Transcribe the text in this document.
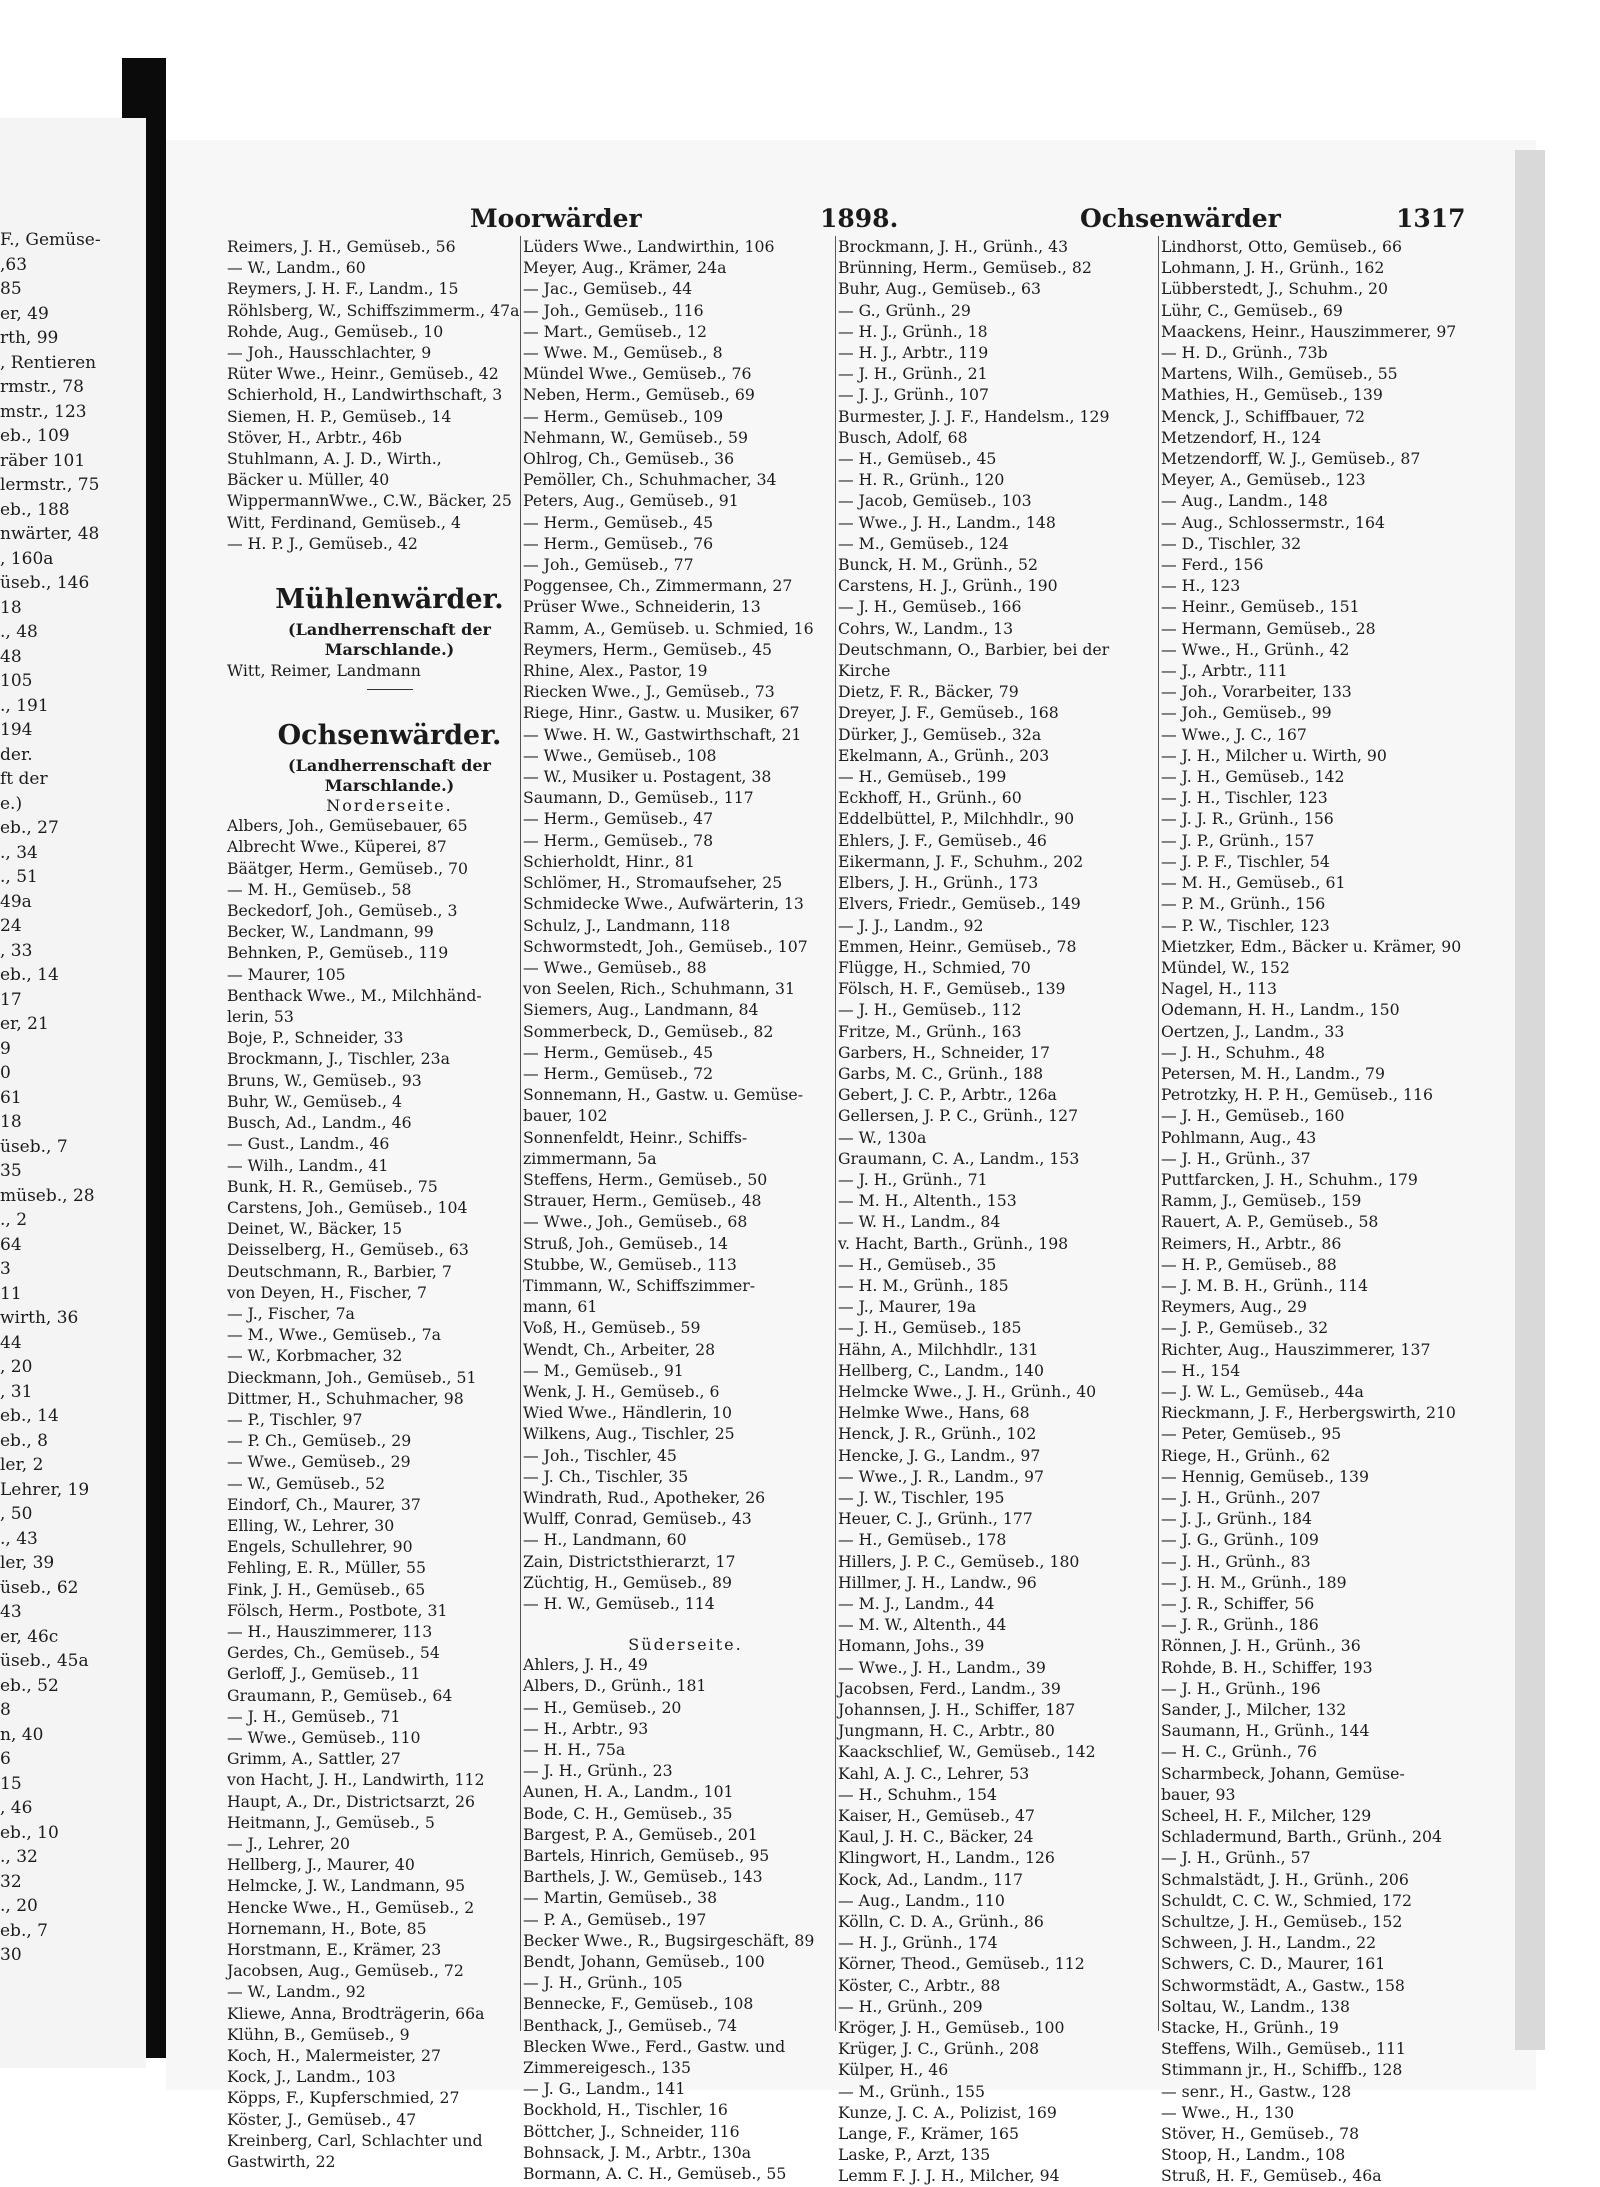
F., Gemüse-
,63
85
er, 49
rth, 99
, Rentieren
rmstr., 78
mstr., 123
eb., 109
räber 101
lermstr., 75
eb., 188
nwärter, 48
, 160a
üseb., 146
18
., 48
48
105
., 191
194
der.
ft der
e.)
eb., 27
., 34
., 51
49a
24
, 33
eb., 14
17
er, 21
9
0
61
18
üseb., 7
35
müseb., 28
., 2
64
3
11
wirth, 36
44
, 20
, 31
eb., 14
eb., 8
ler, 2
Lehrer, 19
, 50
., 43
ler, 39
üseb., 62
43
er, 46c
üseb., 45a
eb., 52
8
n, 40
6
15
, 46
eb., 10
., 32
32
., 20
eb., 7
30
Moorwärder	1898.	Ochsenwärder	1317
Reimers, J. H., Gemüseb., 56
— W., Landm., 60
Reymers, J. H. F., Landm., 15
Röhlsberg, W., Schiffszimmerm., 47a
Rohde, Aug., Gemüseb., 10
— Joh., Hausschlachter, 9
Rüter Wwe., Heinr., Gemüseb., 42
Schierhold, H., Landwirthschaft, 3
Siemen, H. P., Gemüseb., 14
Stöver, H., Arbtr., 46b
Stuhlmann, A. J. D., Wirth.,
Bäcker u. Müller, 40
WippermannWwe., C.W., Bäcker, 25
Witt, Ferdinand, Gemüseb., 4
— H. P. J., Gemüseb., 42
Mühlenwärder.
(Landherrenschaft der
Marschlande.)
Witt, Reimer, Landmann
Ochsenwärder.
(Landherrenschaft der
Marschlande.)
Norderseite.
Albers, Joh., Gemüsebauer, 65
Albrecht Wwe., Küperei, 87
Bäätger, Herm., Gemüseb., 70
— M. H., Gemüseb., 58
Beckedorf, Joh., Gemüseb., 3
Becker, W., Landmann, 99
Behnken, P., Gemüseb., 119
— Maurer, 105
Benthack Wwe., M., Milchhänd-
lerin, 53
Boje, P., Schneider, 33
Brockmann, J., Tischler, 23a
Bruns, W., Gemüseb., 93
Buhr, W., Gemüseb., 4
Busch, Ad., Landm., 46
— Gust., Landm., 46
— Wilh., Landm., 41
Bunk, H. R., Gemüseb., 75
Carstens, Joh., Gemüseb., 104
Deinet, W., Bäcker, 15
Deisselberg, H., Gemüseb., 63
Deutschmann, R., Barbier, 7
von Deyen, H., Fischer, 7
— J., Fischer, 7a
— M., Wwe., Gemüseb., 7a
— W., Korbmacher, 32
Dieckmann, Joh., Gemüseb., 51
Dittmer, H., Schuhmacher, 98
— P., Tischler, 97
— P. Ch., Gemüseb., 29
— Wwe., Gemüseb., 29
— W., Gemüseb., 52
Eindorf, Ch., Maurer, 37
Elling, W., Lehrer, 30
Engels, Schullehrer, 90
Fehling, E. R., Müller, 55
Fink, J. H., Gemüseb., 65
Fölsch, Herm., Postbote, 31
— H., Hauszimmerer, 113
Gerdes, Ch., Gemüseb., 54
Gerloff, J., Gemüseb., 11
Graumann, P., Gemüseb., 64
— J. H., Gemüseb., 71
— Wwe., Gemüseb., 110
Grimm, A., Sattler, 27
von Hacht, J. H., Landwirth, 112
Haupt, A., Dr., Districtsarzt, 26
Heitmann, J., Gemüseb., 5
— J., Lehrer, 20
Hellberg, J., Maurer, 40
Helmcke, J. W., Landmann, 95
Hencke Wwe., H., Gemüseb., 2
Hornemann, H., Bote, 85
Horstmann, E., Krämer, 23
Jacobsen, Aug., Gemüseb., 72
— W., Landm., 92
Kliewe, Anna, Brodträgerin, 66a
Klühn, B., Gemüseb., 9
Koch, H., Malermeister, 27
Kock, J., Landm., 103
Köpps, F., Kupferschmied, 27
Köster, J., Gemüseb., 47
Kreinberg, Carl, Schlachter und
Gastwirth, 22
Lüders Wwe., Landwirthin, 106
Meyer, Aug., Krämer, 24a
— Jac., Gemüseb., 44
— Joh., Gemüseb., 116
— Mart., Gemüseb., 12
— Wwe. M., Gemüseb., 8
Mündel Wwe., Gemüseb., 76
Neben, Herm., Gemüseb., 69
— Herm., Gemüseb., 109
Nehmann, W., Gemüseb., 59
Ohlrog, Ch., Gemüseb., 36
Pemöller, Ch., Schuhmacher, 34
Peters, Aug., Gemüseb., 91
— Herm., Gemüseb., 45
— Herm., Gemüseb., 76
— Joh., Gemüseb., 77
Poggensee, Ch., Zimmermann, 27
Prüser Wwe., Schneiderin, 13
Ramm, A., Gemüseb. u. Schmied, 16
Reymers, Herm., Gemüseb., 45
Rhine, Alex., Pastor, 19
Riecken Wwe., J., Gemüseb., 73
Riege, Hinr., Gastw. u. Musiker, 67
— Wwe. H. W., Gastwirthschaft, 21
— Wwe., Gemüseb., 108
— W., Musiker u. Postagent, 38
Saumann, D., Gemüseb., 117
— Herm., Gemüseb., 47
— Herm., Gemüseb., 78
Schierholdt, Hinr., 81
Schlömer, H., Stromaufseher, 25
Schmidecke Wwe., Aufwärterin, 13
Schulz, J., Landmann, 118
Schwormstedt, Joh., Gemüseb., 107
— Wwe., Gemüseb., 88
von Seelen, Rich., Schuhmann, 31
Siemers, Aug., Landmann, 84
Sommerbeck, D., Gemüseb., 82
— Herm., Gemüseb., 45
— Herm., Gemüseb., 72
Sonnemann, H., Gastw. u. Gemüse-
bauer, 102
Sonnenfeldt, Heinr., Schiffs-
zimmermann, 5a
Steffens, Herm., Gemüseb., 50
Strauer, Herm., Gemüseb., 48
— Wwe., Joh., Gemüseb., 68
Struß, Joh., Gemüseb., 14
Stubbe, W., Gemüseb., 113
Timmann, W., Schiffszimmer-
mann, 61
Voß, H., Gemüseb., 59
Wendt, Ch., Arbeiter, 28
— M., Gemüseb., 91
Wenk, J. H., Gemüseb., 6
Wied Wwe., Händlerin, 10
Wilkens, Aug., Tischler, 25
— Joh., Tischler, 45
— J. Ch., Tischler, 35
Windrath, Rud., Apotheker, 26
Wulff, Conrad, Gemüseb., 43
— H., Landmann, 60
Zain, Districtsthierarzt, 17
Züchtig, H., Gemüseb., 89
— H. W., Gemüseb., 114
Süderseite.
Ahlers, J. H., 49
Albers, D., Grünh., 181
— H., Gemüseb., 20
— H., Arbtr., 93
— H. H., 75a
— J. H., Grünh., 23
Aunen, H. A., Landm., 101
Bode, C. H., Gemüseb., 35
Bargest, P. A., Gemüseb., 201
Bartels, Hinrich, Gemüseb., 95
Barthels, J. W., Gemüseb., 143
— Martin, Gemüseb., 38
— P. A., Gemüseb., 197
Becker Wwe., R., Bugsirgeschäft, 89
Bendt, Johann, Gemüseb., 100
— J. H., Grünh., 105
Bennecke, F., Gemüseb., 108
Benthack, J., Gemüseb., 74
Blecken Wwe., Ferd., Gastw. und
Zimmereigesch., 135
— J. G., Landm., 141
Bockhold, H., Tischler, 16
Böttcher, J., Schneider, 116
Bohnsack, J. M., Arbtr., 130a
Bormann, A. C. H., Gemüseb., 55
Brockmann, J. H., Grünh., 43
Brünning, Herm., Gemüseb., 82
Buhr, Aug., Gemüseb., 63
— G., Grünh., 29
— H. J., Grünh., 18
— H. J., Arbtr., 119
— J. H., Grünh., 21
— J. J., Grünh., 107
Burmester, J. J. F., Handelsm., 129
Busch, Adolf, 68
— H., Gemüseb., 45
— H. R., Grünh., 120
— Jacob, Gemüseb., 103
— Wwe., J. H., Landm., 148
— M., Gemüseb., 124
Bunck, H. M., Grünh., 52
Carstens, H. J., Grünh., 190
— J. H., Gemüseb., 166
Cohrs, W., Landm., 13
Deutschmann, O., Barbier, bei der
Kirche
Dietz, F. R., Bäcker, 79
Dreyer, J. F., Gemüseb., 168
Dürker, J., Gemüseb., 32a
Ekelmann, A., Grünh., 203
— H., Gemüseb., 199
Eckhoff, H., Grünh., 60
Eddelbüttel, P., Milchhdlr., 90
Ehlers, J. F., Gemüseb., 46
Eikermann, J. F., Schuhm., 202
Elbers, J. H., Grünh., 173
Elvers, Friedr., Gemüseb., 149
— J. J., Landm., 92
Emmen, Heinr., Gemüseb., 78
Flügge, H., Schmied, 70
Fölsch, H. F., Gemüseb., 139
— J. H., Gemüseb., 112
Fritze, M., Grünh., 163
Garbers, H., Schneider, 17
Garbs, M. C., Grünh., 188
Gebert, J. C. P., Arbtr., 126a
Gellersen, J. P. C., Grünh., 127
— W., 130a
Graumann, C. A., Landm., 153
— J. H., Grünh., 71
— M. H., Altenth., 153
— W. H., Landm., 84
v. Hacht, Barth., Grünh., 198
— H., Gemüseb., 35
— H. M., Grünh., 185
— J., Maurer, 19a
— J. H., Gemüseb., 185
Hähn, A., Milchhdlr., 131
Hellberg, C., Landm., 140
Helmcke Wwe., J. H., Grünh., 40
Helmke Wwe., Hans, 68
Henck, J. R., Grünh., 102
Hencke, J. G., Landm., 97
— Wwe., J. R., Landm., 97
— J. W., Tischler, 195
Heuer, C. J., Grünh., 177
— H., Gemüseb., 178
Hillers, J. P. C., Gemüseb., 180
Hillmer, J. H., Landw., 96
— M. J., Landm., 44
— M. W., Altenth., 44
Homann, Johs., 39
— Wwe., J. H., Landm., 39
Jacobsen, Ferd., Landm., 39
Johannsen, J. H., Schiffer, 187
Jungmann, H. C., Arbtr., 80
Kaackschlief, W., Gemüseb., 142
Kahl, A. J. C., Lehrer, 53
— H., Schuhm., 154
Kaiser, H., Gemüseb., 47
Kaul, J. H. C., Bäcker, 24
Klingwort, H., Landm., 126
Kock, Ad., Landm., 117
— Aug., Landm., 110
Kölln, C. D. A., Grünh., 86
— H. J., Grünh., 174
Körner, Theod., Gemüseb., 112
Köster, C., Arbtr., 88
— H., Grünh., 209
Kröger, J. H., Gemüseb., 100
Krüger, J. C., Grünh., 208
Külper, H., 46
— M., Grünh., 155
Kunze, J. C. A., Polizist, 169
Lange, F., Krämer, 165
Laske, P., Arzt, 135
Lemm F. J. J. H., Milcher, 94
Lindhorst, Otto, Gemüseb., 66
Lohmann, J. H., Grünh., 162
Lübberstedt, J., Schuhm., 20
Lühr, C., Gemüseb., 69
Maackens, Heinr., Hauszimmerer, 97
— H. D., Grünh., 73b
Martens, Wilh., Gemüseb., 55
Mathies, H., Gemüseb., 139
Menck, J., Schiffbauer, 72
Metzendorf, H., 124
Metzendorff, W. J., Gemüseb., 87
Meyer, A., Gemüseb., 123
— Aug., Landm., 148
— Aug., Schlossermstr., 164
— D., Tischler, 32
— Ferd., 156
— H., 123
— Heinr., Gemüseb., 151
— Hermann, Gemüseb., 28
— Wwe., H., Grünh., 42
— J., Arbtr., 111
— Joh., Vorarbeiter, 133
— Joh., Gemüseb., 99
— Wwe., J. C., 167
— J. H., Milcher u. Wirth, 90
— J. H., Gemüseb., 142
— J. H., Tischler, 123
— J. J. R., Grünh., 156
— J. P., Grünh., 157
— J. P. F., Tischler, 54
— M. H., Gemüseb., 61
— P. M., Grünh., 156
— P. W., Tischler, 123
Mietzker, Edm., Bäcker u. Krämer, 90
Mündel, W., 152
Nagel, H., 113
Odemann, H. H., Landm., 150
Oertzen, J., Landm., 33
— J. H., Schuhm., 48
Petersen, M. H., Landm., 79
Petrotzky, H. P. H., Gemüseb., 116
— J. H., Gemüseb., 160
Pohlmann, Aug., 43
— J. H., Grünh., 37
Puttfarcken, J. H., Schuhm., 179
Ramm, J., Gemüseb., 159
Rauert, A. P., Gemüseb., 58
Reimers, H., Arbtr., 86
— H. P., Gemüseb., 88
— J. M. B. H., Grünh., 114
Reymers, Aug., 29
— J. P., Gemüseb., 32
Richter, Aug., Hauszimmerer, 137
— H., 154
— J. W. L., Gemüseb., 44a
Rieckmann, J. F., Herbergswirth, 210
— Peter, Gemüseb., 95
Riege, H., Grünh., 62
— Hennig, Gemüseb., 139
— J. H., Grünh., 207
— J. J., Grünh., 184
— J. G., Grünh., 109
— J. H., Grünh., 83
— J. H. M., Grünh., 189
— J. R., Schiffer, 56
— J. R., Grünh., 186
Rönnen, J. H., Grünh., 36
Rohde, B. H., Schiffer, 193
— J. H., Grünh., 196
Sander, J., Milcher, 132
Saumann, H., Grünh., 144
— H. C., Grünh., 76
Scharmbeck, Johann, Gemüse-
bauer, 93
Scheel, H. F., Milcher, 129
Schladermund, Barth., Grünh., 204
— J. H., Grünh., 57
Schmalstädt, J. H., Grünh., 206
Schuldt, C. C. W., Schmied, 172
Schultze, J. H., Gemüseb., 152
Schween, J. H., Landm., 22
Schwers, C. D., Maurer, 161
Schwormstädt, A., Gastw., 158
Soltau, W., Landm., 138
Stacke, H., Grünh., 19
Steffens, Wilh., Gemüseb., 111
Stimmann jr., H., Schiffb., 128
— senr., H., Gastw., 128
— Wwe., H., 130
Stöver, H., Gemüseb., 78
Stoop, H., Landm., 108
Struß, H. F., Gemüseb., 46a
